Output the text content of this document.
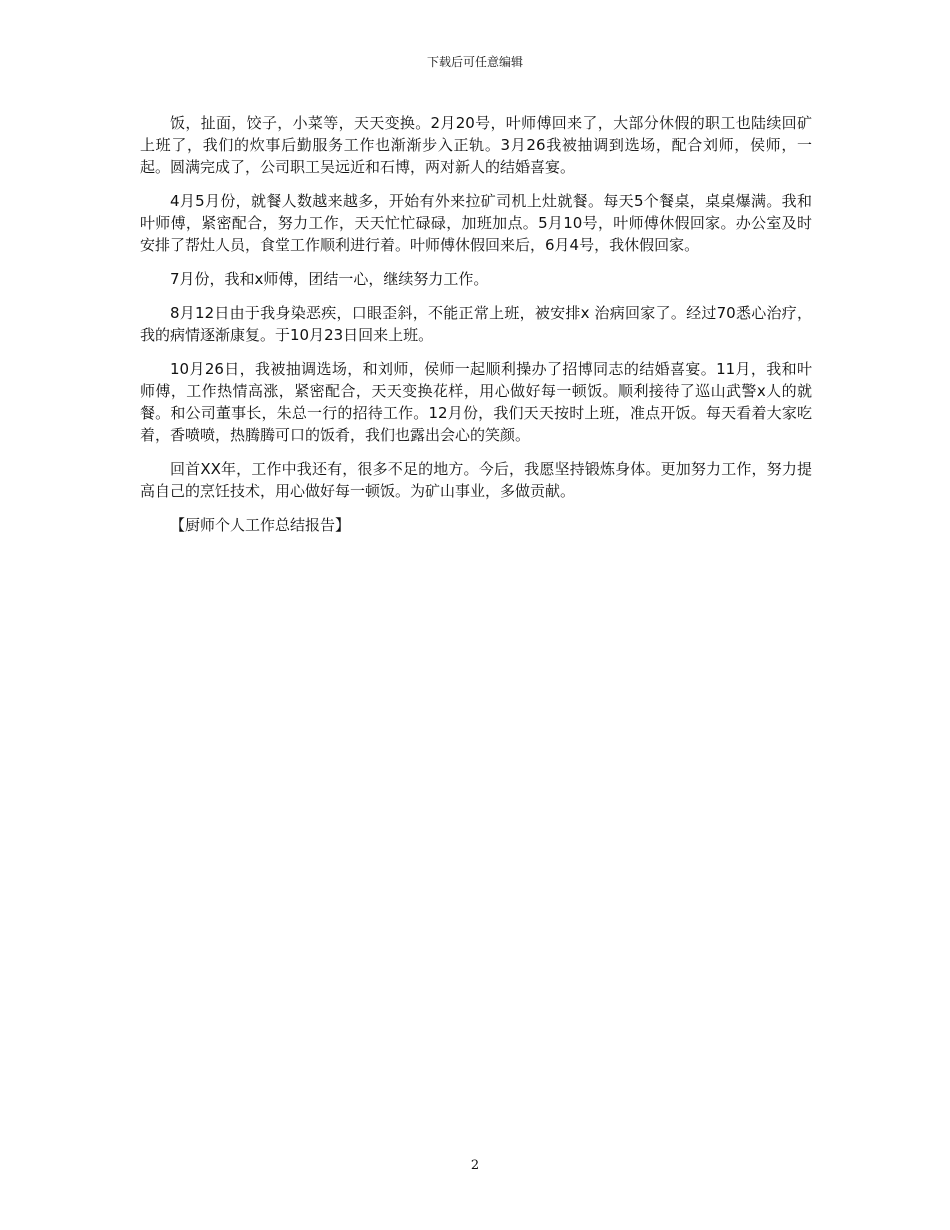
下载后可任意编辑

饭，扯面，饺子，小菜等，天天变换。2月20号，叶师傅回来了，大部分休假的职工也陆续回矿上班了，我们的炊事后勤服务工作也渐渐步入正轨。3月26我被抽调到选场，配合刘师，侯师，一起。圆满完成了，公司职工吴远近和石博，两对新人的结婚喜宴。

4月5月份，就餐人数越来越多，开始有外来拉矿司机上灶就餐。每天5个餐桌，桌桌爆满。我和叶师傅，紧密配合，努力工作，天天忙忙碌碌，加班加点。5月10号，叶师傅休假回家。办公室及时安排了帮灶人员，食堂工作顺利进行着。叶师傅休假回来后，6月4号，我休假回家。

7月份，我和x师傅，团结一心，继续努力工作。

8月12日由于我身染恶疾，口眼歪斜，不能正常上班，被安排x 治病回家了。经过70悉心治疗，我的病情逐渐康复。于10月23日回来上班。

10月26日，我被抽调选场，和刘师，侯师一起顺利操办了招博同志的结婚喜宴。11月，我和叶师傅，工作热情高涨，紧密配合，天天变换花样，用心做好每一顿饭。顺利接待了巡山武警x人的就餐。和公司董事长，朱总一行的招待工作。12月份，我们天天按时上班，准点开饭。每天看着大家吃着，香喷喷，热腾腾可口的饭肴，我们也露出会心的笑颜。

回首XX年，工作中我还有，很多不足的地方。今后，我愿坚持锻炼身体。更加努力工作，努力提高自己的烹饪技术，用心做好每一顿饭。为矿山事业，多做贡献。

【厨师个人工作总结报告】

2
